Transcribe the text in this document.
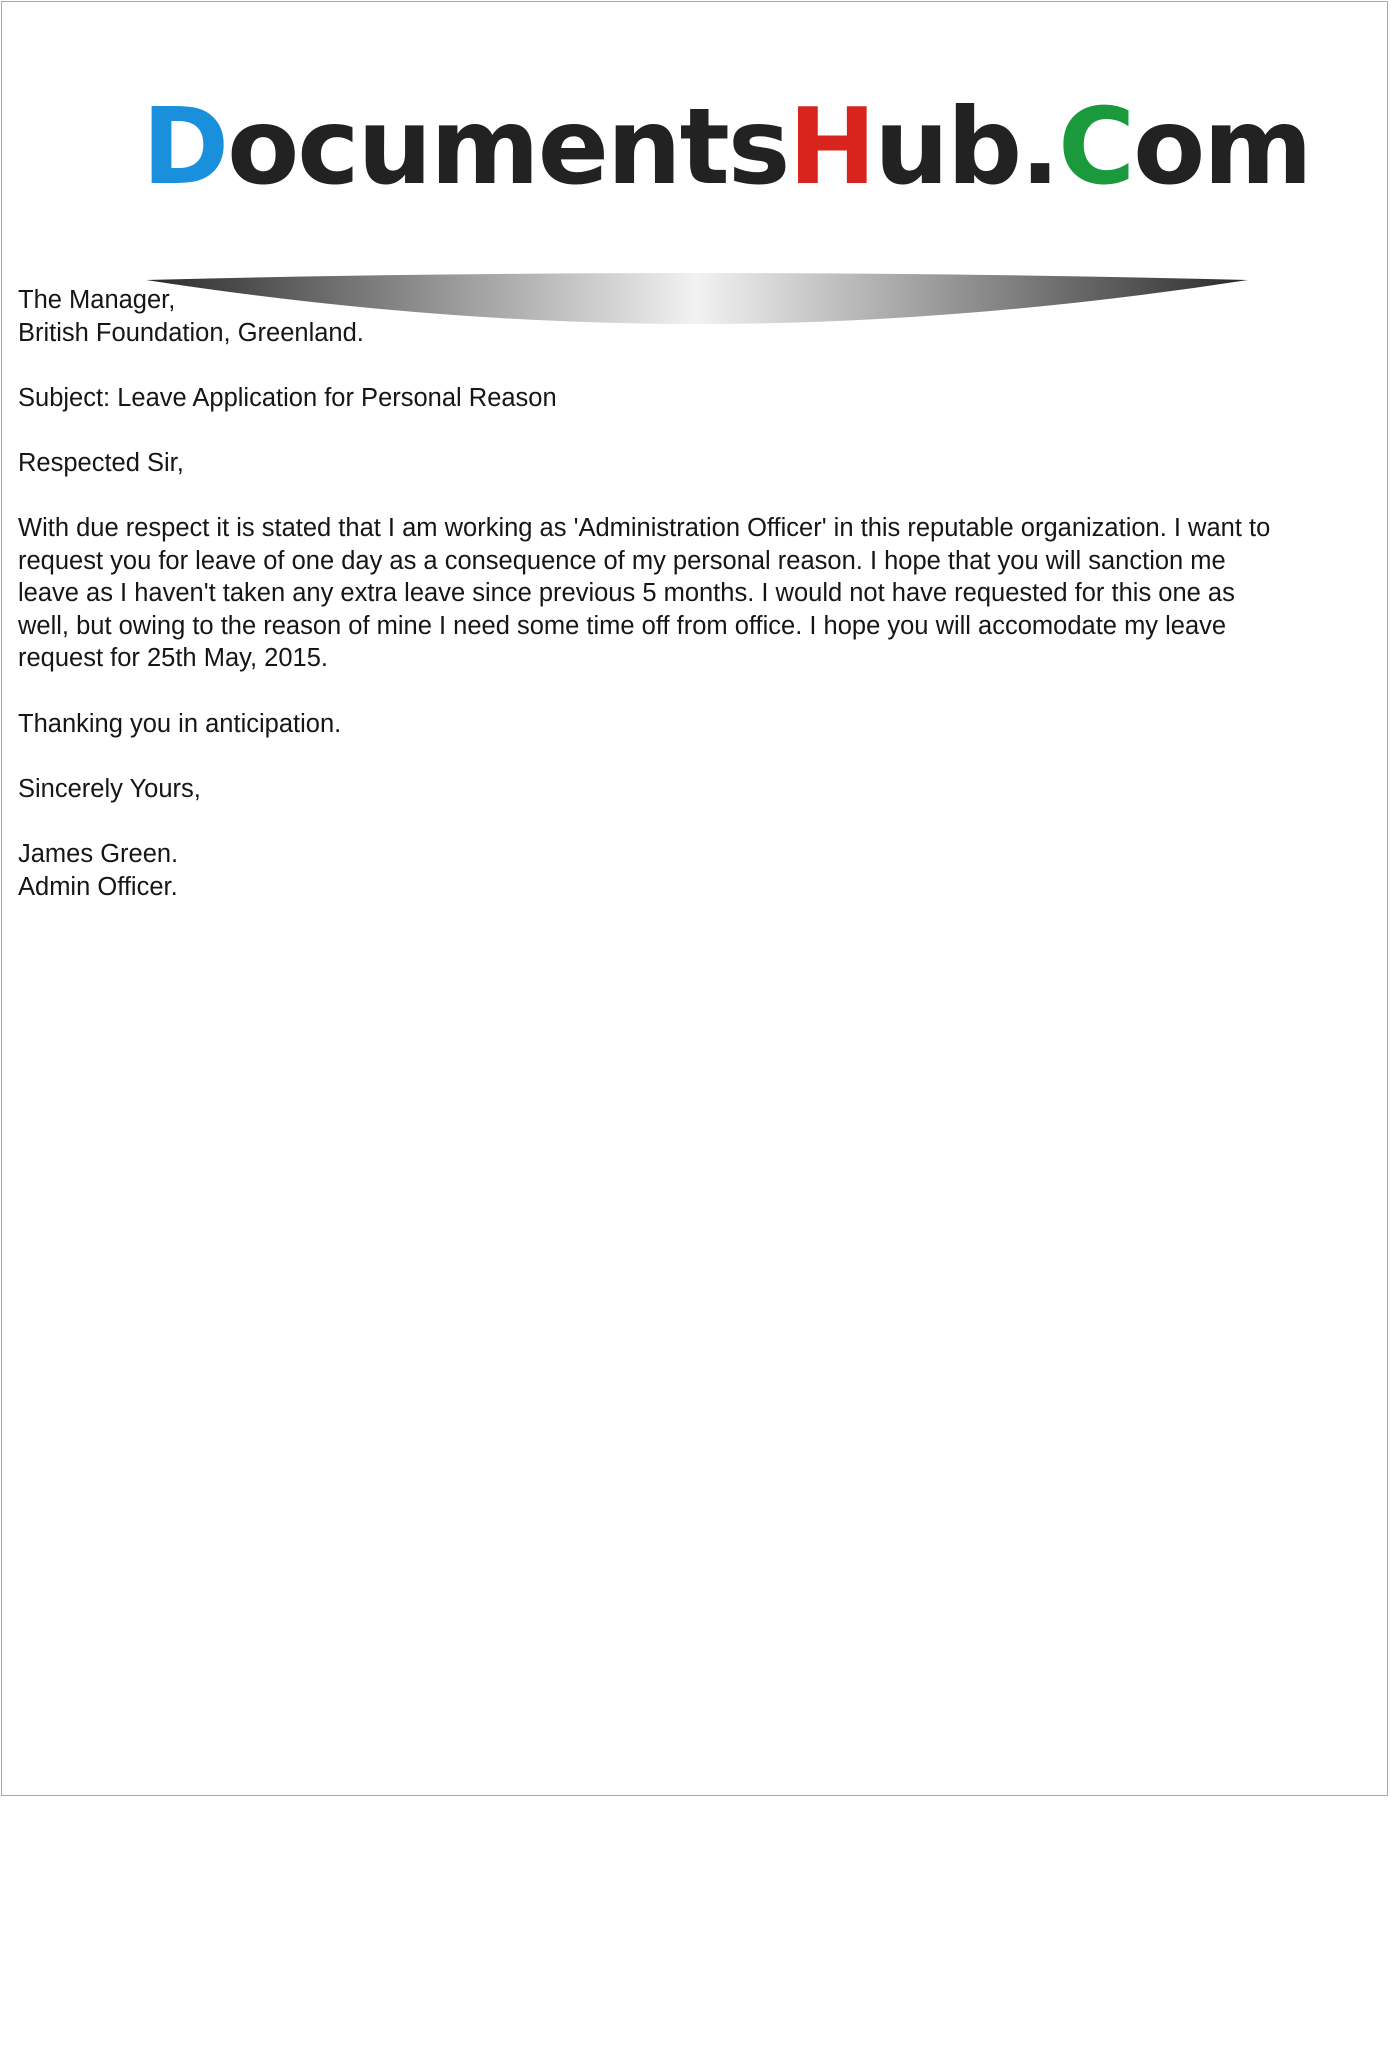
DocumentsHub.Com

The Manager,

British Foundation, Greenland.

Subject: Leave Application for Personal Reason

Respected Sir,

With due respect it is stated that I am working as 'Administration Officer' in this reputable organization. I want to

request you for leave of one day as a consequence of my personal reason. I hope that you will sanction me

leave as I haven't taken any extra leave since previous 5 months. I would not have requested for this one as

well, but owing to the reason of mine I need some time off from office. I hope you will accomodate my leave

request for 25th May, 2015.

Thanking you in anticipation.

Sincerely Yours,

James Green.

Admin Officer.
